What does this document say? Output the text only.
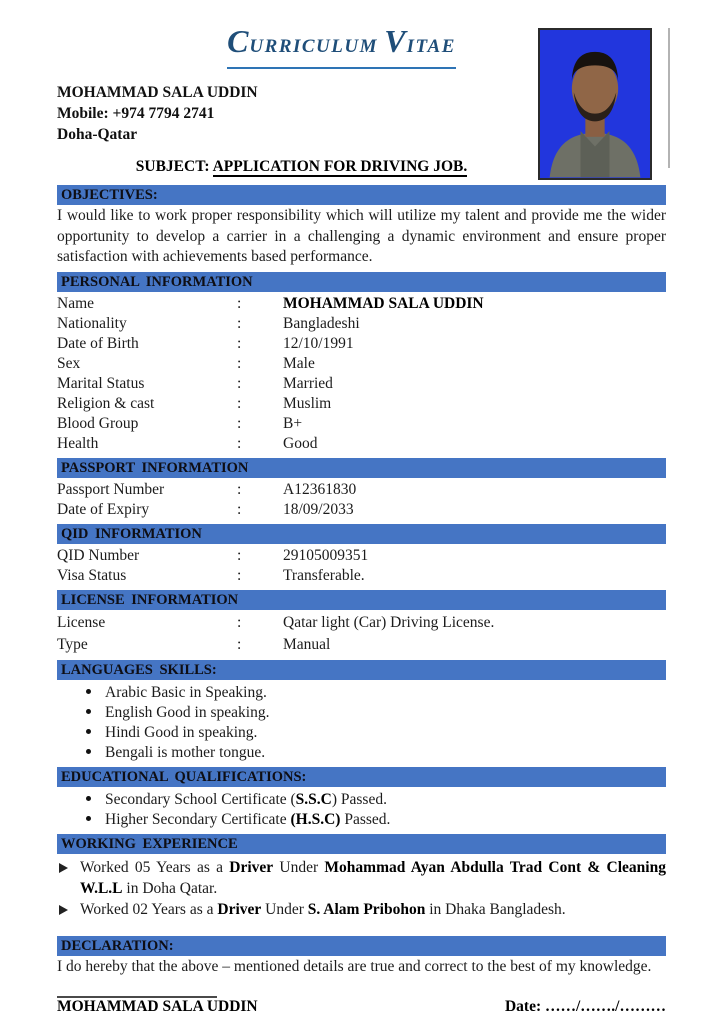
CURRICULUM VITAE
MOHAMMAD SALA UDDIN
Mobile: +974 7794 2741
Doha-Qatar
SUBJECT: APPLICATION FOR DRIVING JOB.
OBJECTIVES:

I would like to work proper responsibility which will utilize my talent and provide me the wider opportunity to develop a carrier in a challenging a dynamic environment and ensure proper satisfaction with achievements based performance.

PERSONAL INFORMATION
Name	:	MOHAMMAD SALA UDDIN
Nationality	:	Bangladeshi
Date of Birth	:	12/10/1991
Sex	:	Male
Marital Status	:	Married
Religion & cast	:	Muslim
Blood Group	:	B+
Health	:	Good
PASSPORT INFORMATION
Passport Number	:	A12361830
Date of Expiry	:	18/09/2033
QID INFORMATION
QID Number	:	29105009351
Visa Status	:	Transferable.
LICENSE INFORMATION
License	:	Qatar light (Car) Driving License.
Type	:	Manual
LANGUAGES SKILLS:
Arabic Basic in Speaking.
English Good in speaking.
Hindi Good in speaking.
Bengali is mother tongue.
EDUCATIONAL QUALIFICATIONS:
Secondary School Certificate (S.S.C) Passed.
Higher Secondary Certificate (H.S.C) Passed.
WORKING EXPERIENCE
Worked 05 Years as a Driver Under Mohammad Ayan Abdulla Trad Cont & Cleaning W.L.L in Doha Qatar.
Worked 02 Years as a Driver Under S. Alam Pribohon in Dhaka Bangladesh.
DECLARATION:

I do hereby that the above – mentioned details are true and correct to the best of my knowledge.

MOHAMMAD SALA UDDIN	Date: ……/……./………
